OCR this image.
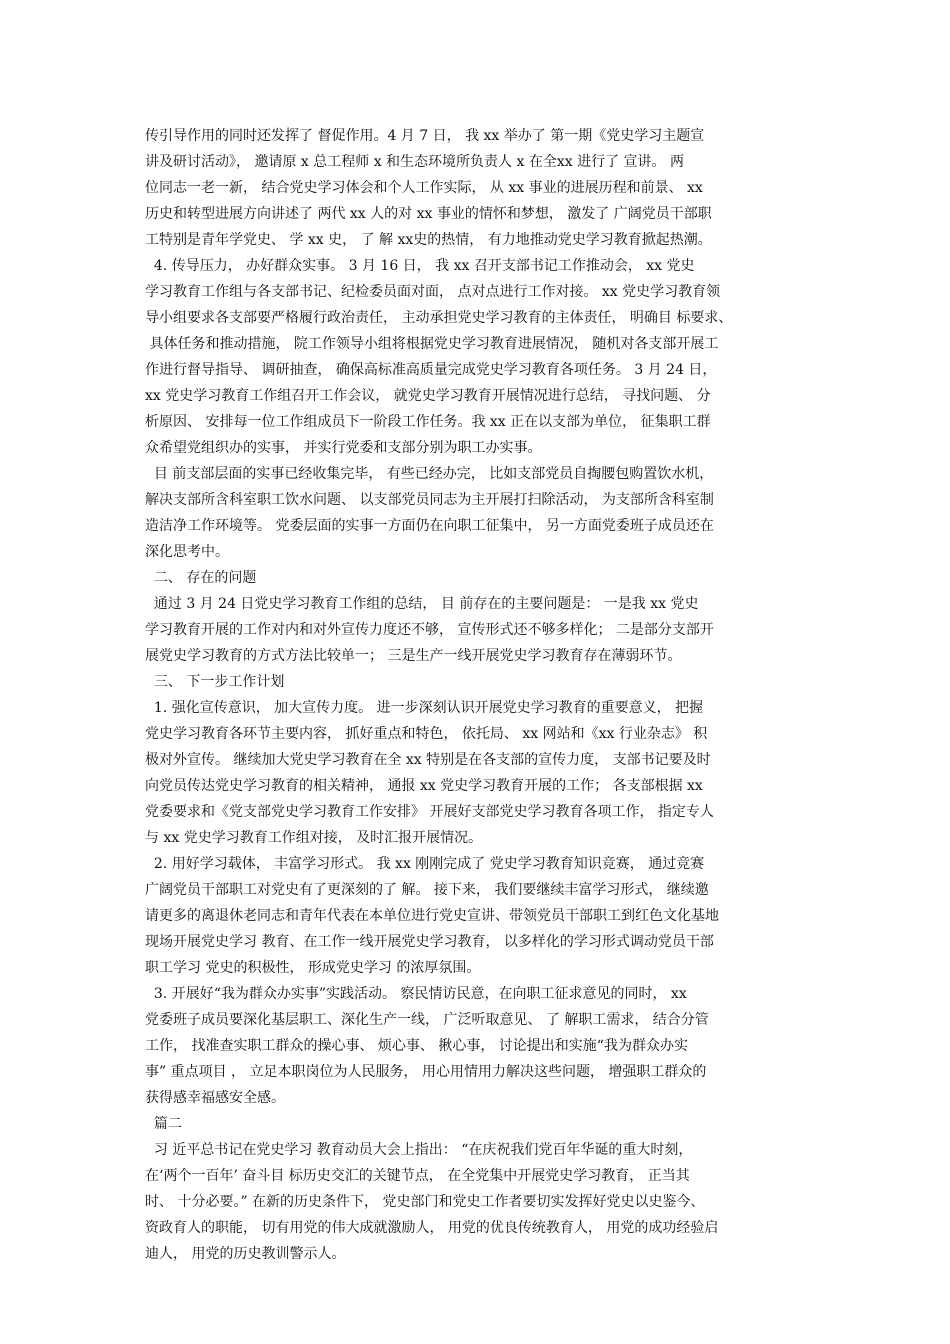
传引导作用的同时还发挥了 督促作用。4 月 7 日， 我 xx 举办了 第一期《党史学习主题宣
讲及研讨活动》， 邀请原 x 总工程师 x 和生态环境所负责人 x 在全xx 进行了 宣讲。 两
位同志一老一新， 结合党史学习体会和个人工作实际， 从 xx 事业的进展历程和前景、 xx
历史和转型进展方向讲述了 两代 xx 人的对 xx 事业的情怀和梦想， 激发了 广阔党员干部职
工特别是青年学党史、 学 xx 史， 了 解 xx史的热情， 有力地推动党史学习教育掀起热潮。
4. 传导压力， 办好群众实事。 3 月 16 日， 我 xx 召开支部书记工作推动会， xx 党史
学习教育工作组与各支部书记、纪检委员面对面， 点对点进行工作对接。 xx 党史学习教育领
导小组要求各支部要严格履行政治责任， 主动承担党史学习教育的主体责任， 明确目 标要求、
具体任务和推动措施， 院工作领导小组将根据党史学习教育进展情况， 随机对各支部开展工
作进行督导指导、 调研抽查， 确保高标准高质量完成党史学习教育各项任务。 3 月 24 日，
xx 党史学习教育工作组召开工作会议， 就党史学习教育开展情况进行总结， 寻找问题、 分
析原因、 安排每一位工作组成员下一阶段工作任务。我 xx 正在以支部为单位， 征集职工群
众希望党组织办的实事， 并实行党委和支部分别为职工办实事。
目 前支部层面的实事已经收集完毕， 有些已经办完， 比如支部党员自掏腰包购置饮水机，
解决支部所含科室职工饮水问题、 以支部党员同志为主开展打扫除活动， 为支部所含科室制
造洁净工作环境等。 党委层面的实事一方面仍在向职工征集中， 另一方面党委班子成员还在
深化思考中。
二、 存在的问题
通过 3 月 24 日党史学习教育工作组的总结， 目 前存在的主要问题是： 一是我 xx 党史
学习教育开展的工作对内和对外宣传力度还不够， 宣传形式还不够多样化； 二是部分支部开
展党史学习教育的方式方法比较单一； 三是生产一线开展党史学习教育存在薄弱环节。
三、 下一步工作计划
1. 强化宣传意识， 加大宣传力度。 进一步深刻认识开展党史学习教育的重要意义， 把握
党史学习教育各环节主要内容， 抓好重点和特色， 依托局、 xx 网站和《xx 行业杂志》 积
极对外宣传。 继续加大党史学习教育在全 xx 特别是在各支部的宣传力度， 支部书记要及时
向党员传达党史学习教育的相关精神， 通报 xx 党史学习教育开展的工作； 各支部根据 xx
党委要求和《党支部党史学习教育工作安排》 开展好支部党史学习教育各项工作， 指定专人
与 xx 党史学习教育工作组对接， 及时汇报开展情况。
2. 用好学习载体， 丰富学习形式。 我 xx 刚刚完成了 党史学习教育知识竞赛， 通过竞赛
广阔党员干部职工对党史有了更深刻的了 解。 接下来， 我们要继续丰富学习形式， 继续邀
请更多的离退休老同志和青年代表在本单位进行党史宣讲、带领党员干部职工到红色文化基地
现场开展党史学习 教育、在工作一线开展党史学习教育， 以多样化的学习形式调动党员干部
职工学习 党史的积极性， 形成党史学习 的浓厚氛围。
3. 开展好“我为群众办实事”实践活动。 察民情访民意，在向职工征求意见的同时， xx
党委班子成员要深化基层职工、深化生产一线， 广泛听取意见、 了 解职工需求， 结合分管
工作， 找准查实职工群众的操心事、 烦心事、 揪心事， 讨论提出和实施“我为群众办实
事” 重点项目 ， 立足本职岗位为人民服务， 用心用情用力解决这些问题， 增强职工群众的
获得感幸福感安全感。
篇二
习 近平总书记在党史学习 教育动员大会上指出： “在庆祝我们党百年华诞的重大时刻，
在‘两个一百年’ 奋斗目 标历史交汇的关键节点， 在全党集中开展党史学习教育， 正当其
时、 十分必要。” 在新的历史条件下， 党史部门和党史工作者要切实发挥好党史以史鉴今、
资政育人的职能， 切有用党的伟大成就激励人， 用党的优良传统教育人， 用党的成功经验启
迪人， 用党的历史教训警示人。
